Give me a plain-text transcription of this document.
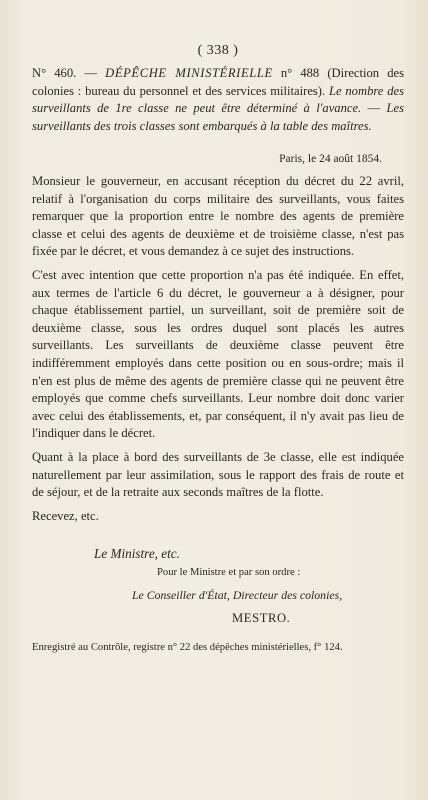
( 338 )

N° 460. — DÉPÊCHE MINISTÉRIELLE n° 488 (Direction des colonies : bureau du personnel et des services militaires). Le nombre des surveillants de 1re classe ne peut être déterminé à l'avance. — Les surveillants des trois classes sont embarqués à la table des maîtres.

Paris, le 24 août 1854.

Monsieur le gouverneur, en accusant réception du décret du 22 avril, relatif à l'organisation du corps militaire des surveillants, vous faites remarquer que la proportion entre le nombre des agents de première classe et celui des agents de deuxième et de troisième classe, n'est pas fixée par le décret, et vous demandez à ce sujet des instructions.

C'est avec intention que cette proportion n'a pas été indiquée. En effet, aux termes de l'article 6 du décret, le gouverneur a à désigner, pour chaque établissement partiel, un surveillant, soit de première soit de deuxième classe, sous les ordres duquel sont placés les autres surveillants. Les surveillants de deuxième classe peuvent être indifféremment employés dans cette position ou en sous-ordre; mais il n'en est plus de même des agents de première classe qui ne peuvent être employés que comme chefs surveillants. Leur nombre doit donc varier avec celui des établissements, et, par conséquent, il n'y avait pas lieu de l'indiquer dans le décret.

Quant à la place à bord des surveillants de 3e classe, elle est indiquée naturellement par leur assimilation, sous le rapport des frais de route et de séjour, et de la retraite aux seconds maîtres de la flotte.

Recevez, etc.

Le Ministre, etc.
Pour le Ministre et par son ordre :
Le Conseiller d'État, Directeur des colonies,
MESTRO.
Enregistré au Contrôle, registre n° 22 des dépêches ministérielles, f° 124.
